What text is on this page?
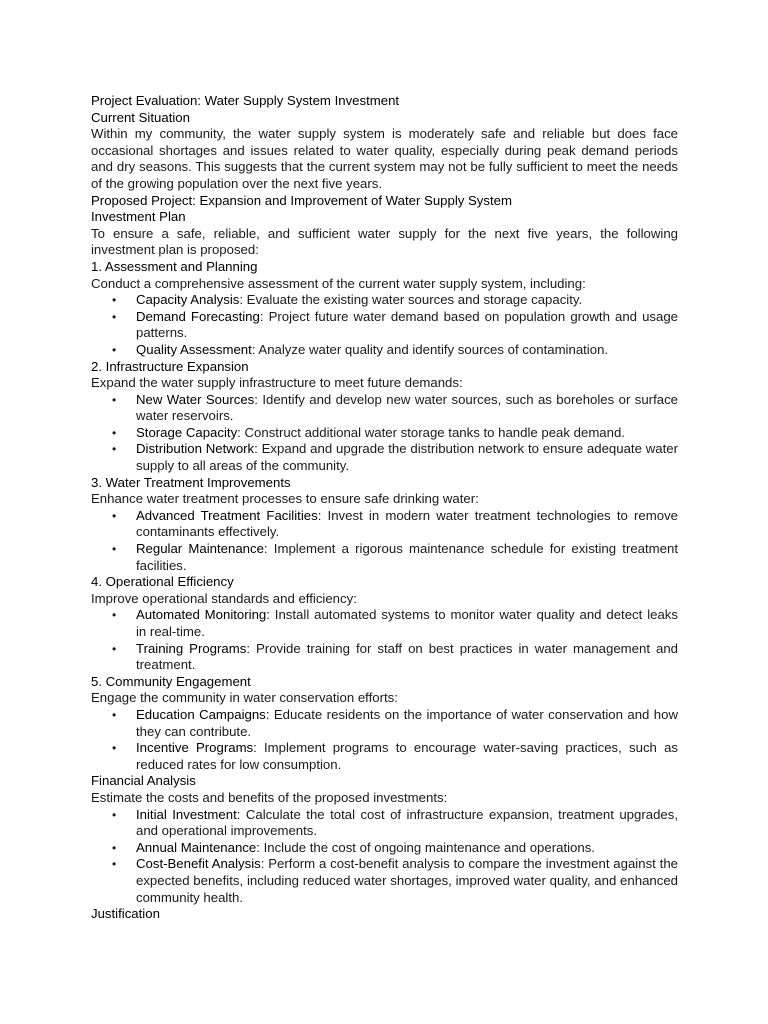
Project Evaluation: Water Supply System Investment

Current Situation

Within my community, the water supply system is moderately safe and reliable but does face occasional shortages and issues related to water quality, especially during peak demand periods and dry seasons. This suggests that the current system may not be fully sufficient to meet the needs of the growing population over the next five years.

Proposed Project: Expansion and Improvement of Water Supply System

Investment Plan

To ensure a safe, reliable, and sufficient water supply for the next five years, the following investment plan is proposed:

1. Assessment and Planning

Conduct a comprehensive assessment of the current water supply system, including:

• Capacity Analysis: Evaluate the existing water sources and storage capacity.
• Demand Forecasting: Project future water demand based on population growth and usage patterns.
• Quality Assessment: Analyze water quality and identify sources of contamination.

2. Infrastructure Expansion

Expand the water supply infrastructure to meet future demands:

• New Water Sources: Identify and develop new water sources, such as boreholes or surface water reservoirs.
• Storage Capacity: Construct additional water storage tanks to handle peak demand.
• Distribution Network: Expand and upgrade the distribution network to ensure adequate water supply to all areas of the community.

3. Water Treatment Improvements

Enhance water treatment processes to ensure safe drinking water:

• Advanced Treatment Facilities: Invest in modern water treatment technologies to remove contaminants effectively.
• Regular Maintenance: Implement a rigorous maintenance schedule for existing treatment facilities.

4. Operational Efficiency

Improve operational standards and efficiency:

• Automated Monitoring: Install automated systems to monitor water quality and detect leaks in real-time.
• Training Programs: Provide training for staff on best practices in water management and treatment.

5. Community Engagement

Engage the community in water conservation efforts:

• Education Campaigns: Educate residents on the importance of water conservation and how they can contribute.
• Incentive Programs: Implement programs to encourage water-saving practices, such as reduced rates for low consumption.

Financial Analysis

Estimate the costs and benefits of the proposed investments:

• Initial Investment: Calculate the total cost of infrastructure expansion, treatment upgrades, and operational improvements.
• Annual Maintenance: Include the cost of ongoing maintenance and operations.
• Cost-Benefit Analysis: Perform a cost-benefit analysis to compare the investment against the expected benefits, including reduced water shortages, improved water quality, and enhanced community health.

Justification
